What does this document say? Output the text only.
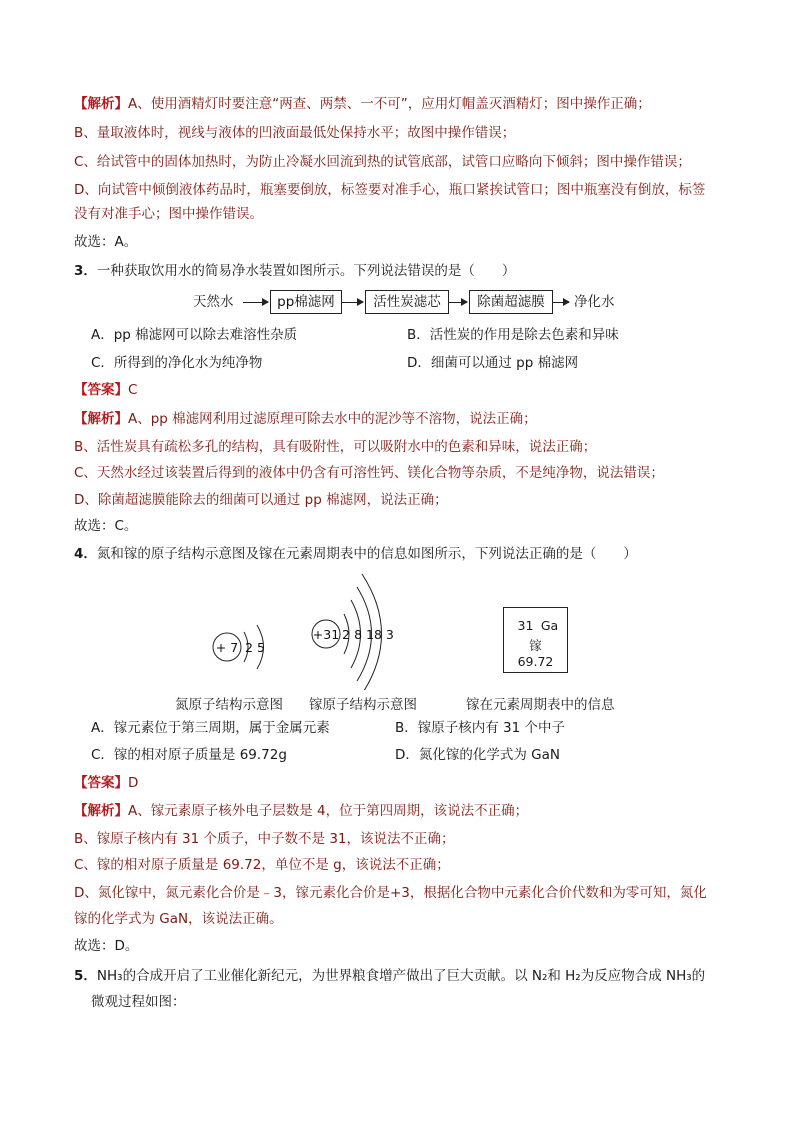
【解析】A、使用酒精灯时要注意“两查、两禁、一不可”，应用灯帽盖灭酒精灯；图中操作正确；
B、量取液体时，视线与液体的凹液面最低处保持水平；故图中操作错误；
C、给试管中的固体加热时，为防止冷凝水回流到热的试管底部，试管口应略向下倾斜；图中操作错误；
D、向试管中倾倒液体药品时，瓶塞要倒放，标签要对准手心，瓶口紧挨试管口；图中瓶塞没有倒放，标签
没有对准手心；图中操作错误。
故选：A。
3．一种获取饮用水的简易净水装置如图所示。下列说法错误的是（　　）
天然水	pp棉滤网	活性炭滤芯	除菌超滤膜	净化水
A．pp 棉滤网可以除去难溶性杂质	B．活性炭的作用是除去色素和异味
C．所得到的净化水为纯净物	D．细菌可以通过 pp 棉滤网
【答案】C
【解析】A、pp 棉滤网利用过滤原理可除去水中的泥沙等不溶物，说法正确；
B、活性炭具有疏松多孔的结构，具有吸附性，可以吸附水中的色素和异味，说法正确；
C、天然水经过该装置后得到的液体中仍含有可溶性钙、镁化合物等杂质，不是纯净物，说法错误；
D、除菌超滤膜能除去的细菌可以通过 pp 棉滤网，说法正确；
故选：C。
4．氮和镓的原子结构示意图及镓在元素周期表中的信息如图所示，下列说法正确的是（　　）
+ 7 2 5
+31 2 8 18 3
31 Ga
镓
69.72
氮原子结构示意图 镓原子结构示意图	镓在元素周期表中的信息
A．镓元素位于第三周期，属于金属元素	B．镓原子核内有 31 个中子
C．镓的相对原子质量是 69.72g	D．氮化镓的化学式为 GaN
【答案】D
【解析】A、镓元素原子核外电子层数是 4，位于第四周期，该说法不正确；
B、镓原子核内有 31 个质子，中子数不是 31，该说法不正确；
C、镓的相对原子质量是 69.72，单位不是 g，该说法不正确；
D、氮化镓中，氮元素化合价是﹣3，镓元素化合价是+3，根据化合物中元素化合价代数和为零可知，氮化
镓的化学式为 GaN，该说法正确。
故选：D。
5．NH₃的合成开启了工业催化新纪元，为世界粮食增产做出了巨大贡献。以 N₂和 H₂为反应物合成 NH₃的
微观过程如图：
